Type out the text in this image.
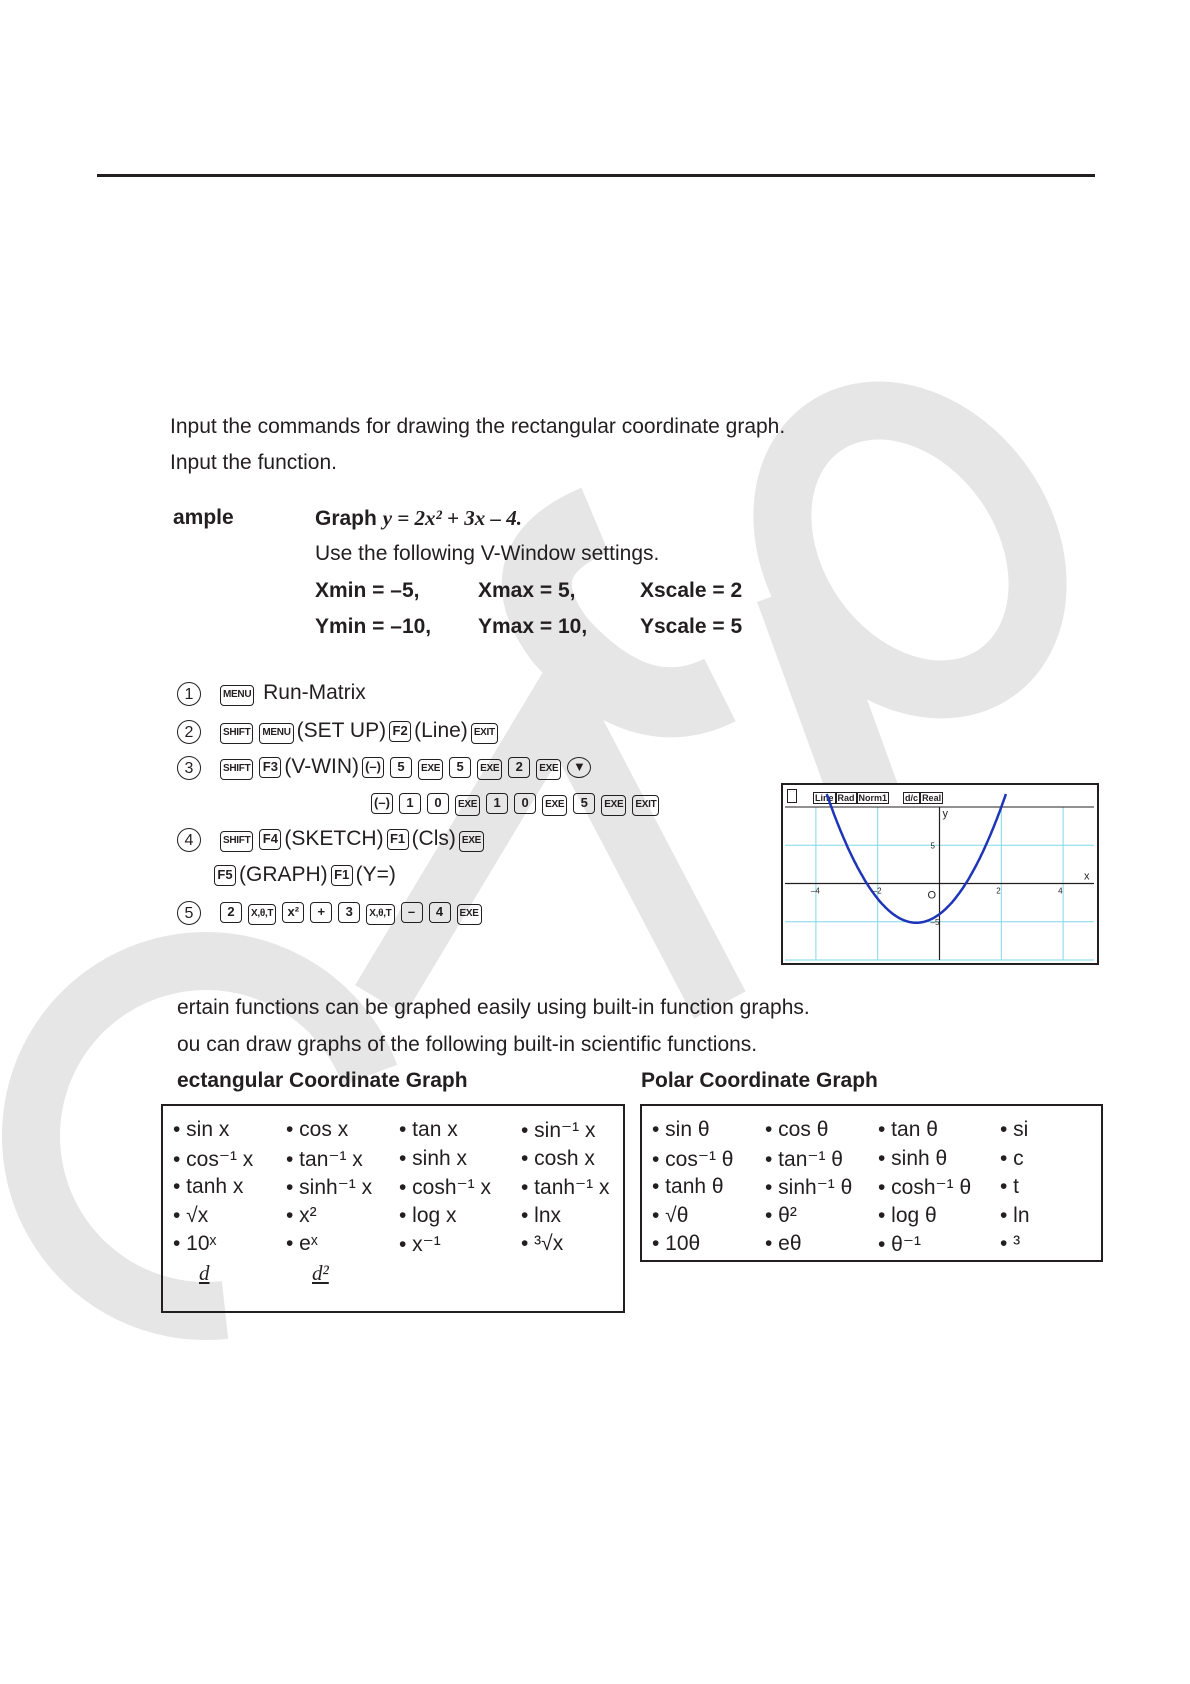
Input the commands for drawing the rectangular coordinate graph.
Input the function.
ample	Graph y = 2x² + 3x – 4.
Use the following V-Window settings.
Xmin = –5,	Xmax = 5,	Xscale = 2
Ymin = –10, Ymax = 10,	Yscale = 5
1	MENU Run-Matrix
2	SHIFT MENU (SET UP) F2 (Line) EXIT
3	SHIFT F3 (V-WIN) (–) 5 EXE 5 EXE 2 EXE ▼
(–) 1 0 EXE 1 0 EXE 5 EXE EXIT
4	SHIFT F4 (SKETCH) F1 (Cls) EXE
F5 (GRAPH) F1 (Y=)
5	2 X,θ,T x² + 3 X,θ,T – 4 EXE
Line Rad Norm1 d/c Real
–4	–2	2	4
5
–5
y
x
O
ertain functions can be graphed easily using built-in function graphs.
ou can draw graphs of the following built-in scientific functions.
ectangular Coordinate Graph	Polar Coordinate Graph
• sin x	• cos x • tan x	• sin⁻¹ x
• cos⁻¹ x • tan⁻¹ x • sinh x	• cosh x
• tanh x • sinh⁻¹ x • cosh⁻¹ x • tanh⁻¹ x
• √x	• x²	• log x	• lnx
• 10ˣ	• eˣ	• x⁻¹	• ³√x
d	d²
• sin θ	• cos θ • tan θ	• si
• cos⁻¹ θ • tan⁻¹ θ • sinh θ	• c
• tanh θ • sinh⁻¹ θ • cosh⁻¹ θ • t
• √θ	• θ²	• log θ	• ln
• 10θ	• eθ	• θ⁻¹	• ³
